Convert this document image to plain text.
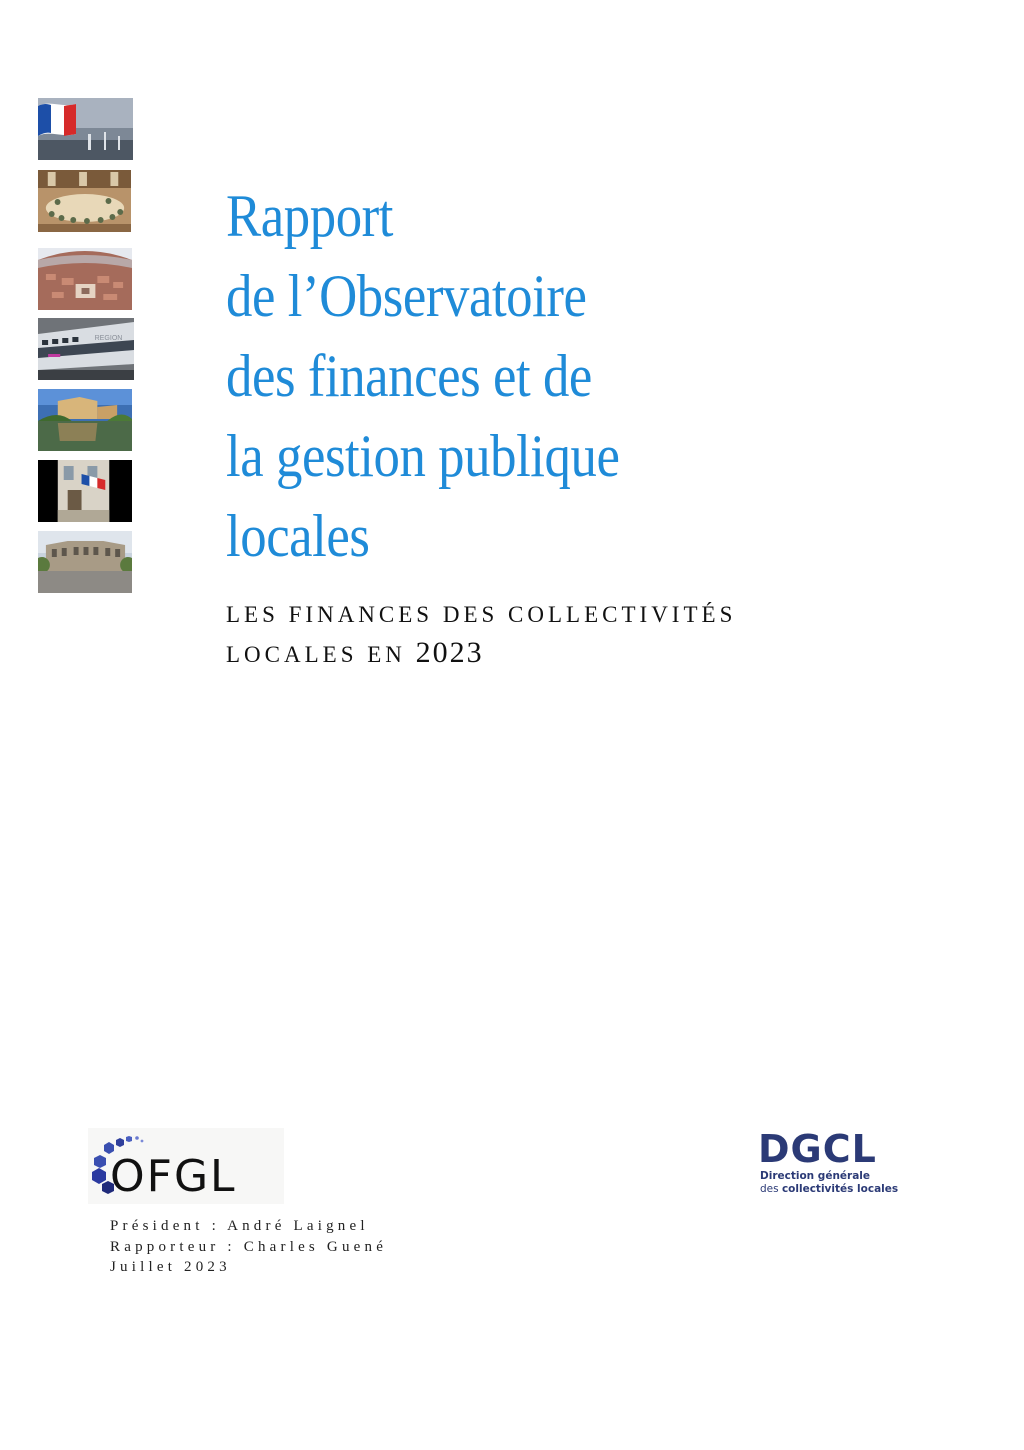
REGION
Rapport
de l’Observatoire
des finances et de
la gestion publique
locales
LES FINANCES DES COLLECTIVITÉS
LOCALES EN 2023
OFGL
Président : André Laignel
Rapporteur : Charles Guené
Juillet 2023
DGCL
Direction générale
des collectivités locales
